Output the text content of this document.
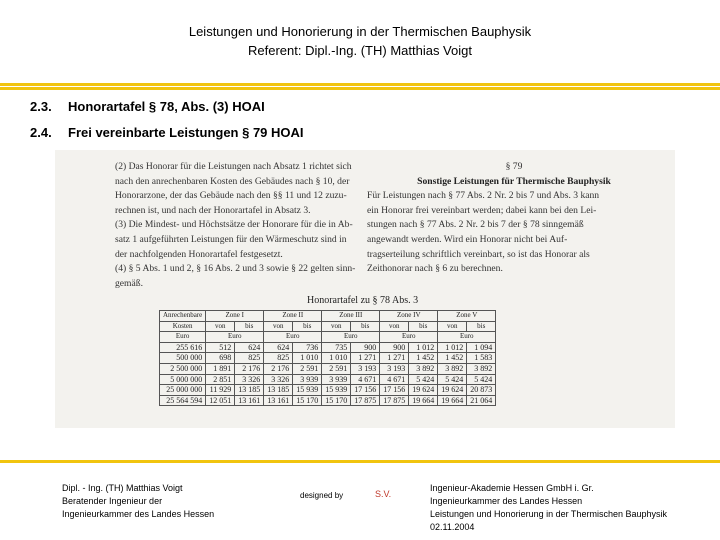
Leistungen und Honorierung in der Thermischen Bauphysik
Referent: Dipl.-Ing. (TH) Matthias Voigt
2.3. Honorartafel § 78, Abs. (3) HOAI
2.4. Frei vereinbarte Leistungen § 79 HOAI
(2) Das Honorar für die Leistungen nach Absatz 1 richtet sich
nach den anrechenbaren Kosten des Gebäudes nach § 10, der
Honorarzone, der das Gebäude nach den §§ 11 und 12 zuzu-
rechnen ist, und nach der Honorartafel in Absatz 3.
(3) Die Mindest- und Höchstsätze der Honorare für die in Ab-
satz 1 aufgeführten Leistungen für den Wärmeschutz sind in
der nachfolgenden Honorartafel festgesetzt.
(4) § 5 Abs. 1 und 2, § 16 Abs. 2 und 3 sowie § 22 gelten sinn-
gemäß.
§ 79
Sonstige Leistungen für Thermische Bauphysik
Für Leistungen nach § 77 Abs. 2 Nr. 2 bis 7 und Abs. 3 kann
ein Honorar frei vereinbart werden; dabei kann bei den Lei-
stungen nach § 77 Abs. 2 Nr. 2 bis 7 der § 78 sinngemäß
angewandt werden. Wird ein Honorar nicht bei Auf-
tragserteilung schriftlich vereinbart, so ist das Honorar als
Zeithonorar nach § 6 zu berechnen.
Honorartafel zu § 78 Abs. 3
Anrechenbare	Zone I		Zone II		Zone III		Zone IV		Zone V	
Kosten	von	bis	von	bis	von	bis	von	bis	von	bis
Euro	Euro		Euro		Euro		Euro		Euro	
255 616	512	624	624	736	735	900	900	1 012	1 012	1 094
500 000	698	825	825	1 010	1 010	1 271	1 271	1 452	1 452	1 583
2 500 000	1 891	2 176	2 176	2 591	2 591	3 193	3 193	3 892	3 892	3 892
5 000 000	2 851	3 326	3 326	3 939	3 939	4 671	4 671	5 424	5 424	5 424
25 000 000	11 929	13 185	13 185	15 939	15 939	17 156	17 156	19 624	19 624	20 873
25 564 594	12 051	13 161	13 161	15 170	15 170	17 875	17 875	19 664	19 664	21 064
Dipl. - Ing. (TH) Matthias Voigt
Beratender Ingenieur der
Ingenieurkammer des Landes Hessen
designed by	S.V.
Ingenieur-Akademie Hessen GmbH i. Gr.
Ingenieurkammer des Landes Hessen
Leistungen und Honorierung in der Thermischen Bauphysik
02.11.2004
